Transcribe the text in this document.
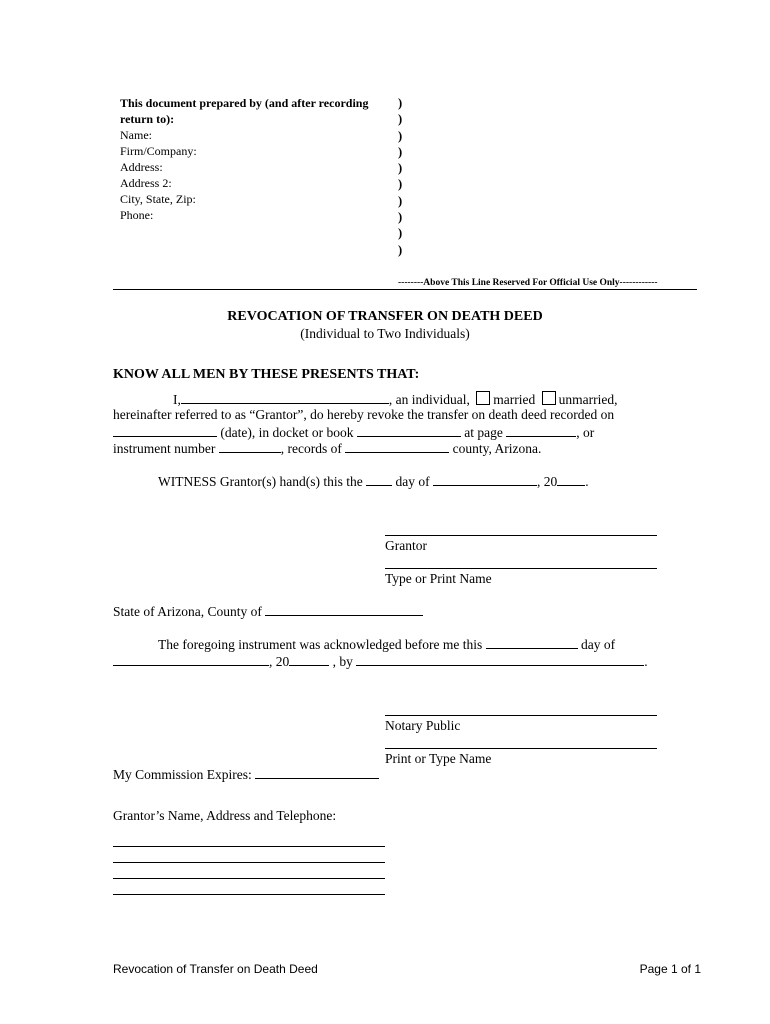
This document prepared by (and after recording
return to):
Name:
Firm/Company:
Address:
Address 2:
City, State, Zip:
Phone:
)
)
)
)
)
)
)
)
)
)
--------Above This Line Reserved For Official Use Only------------
REVOCATION OF TRANSFER ON DEATH DEED
(Individual to Two Individuals)
KNOW ALL MEN BY THESE PRESENTS THAT:
I,	, an individual, married unmarried,
hereinafter referred to as “Grantor”, do hereby revoke the transfer on death deed recorded on
(date), in docket or book	at page	, or
instrument number	, records of	county, Arizona.
WITNESS Grantor(s) hand(s) this the day of	, 20 .
Grantor
Type or Print Name
State of Arizona, County of
The foregoing instrument was acknowledged before me this	day of
, 20	, by	.
Notary Public
Print or Type Name
My Commission Expires:
Grantor’s Name, Address and Telephone:
Revocation of Transfer on Death Deed	Page 1 of 1
